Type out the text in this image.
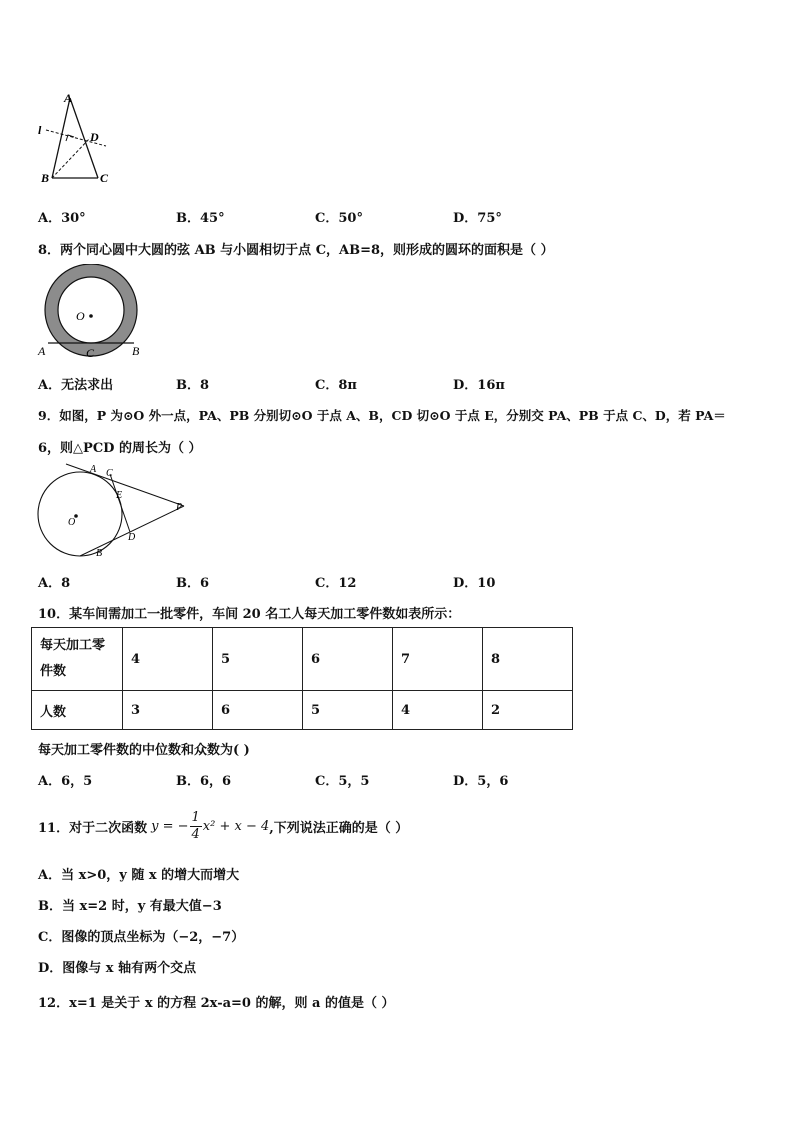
A
l	D
B	C
A．30°	B．45°	C．50°	D．75°
8．两个同心圆中大圆的弦 AB 与小圆相切于点 C，AB=8，则形成的圆环的面积是（ ）
O
A	C	B
A．无法求出	B．8	C．8π	D．16π
9．如图，P 为⊙O 外一点，PA、PB 分别切⊙O 于点 A、B，CD 切⊙O 于点 E，分别交 PA、PB 于点 C、D，若 PA＝
6，则△PCD 的周长为（ ）
O
A C
E
P
D
B
A．8	B．6	C．12	D．10
10．某车间需加工一批零件，车间 20 名工人每天加工零件数如表所示：
每天加工零
件数	4	5	6	7	8
人数	3	6	5	4	2
每天加工零件数的中位数和众数为( )
A．6，5	B．6，6	C．5，5	D．5，6
11．对于二次函数 y = − $\frac{1}{4} x^2 + x - 4$ ,下列说法正确的是（ ）
A．当 x>0，y 随 x 的增大而增大
B．当 x=2 时，y 有最大值−3
C．图像的顶点坐标为（−2，−7）
D．图像与 x 轴有两个交点
12．x=1 是关于 x 的方程 2x-a=0 的解，则 a 的值是（ ）
